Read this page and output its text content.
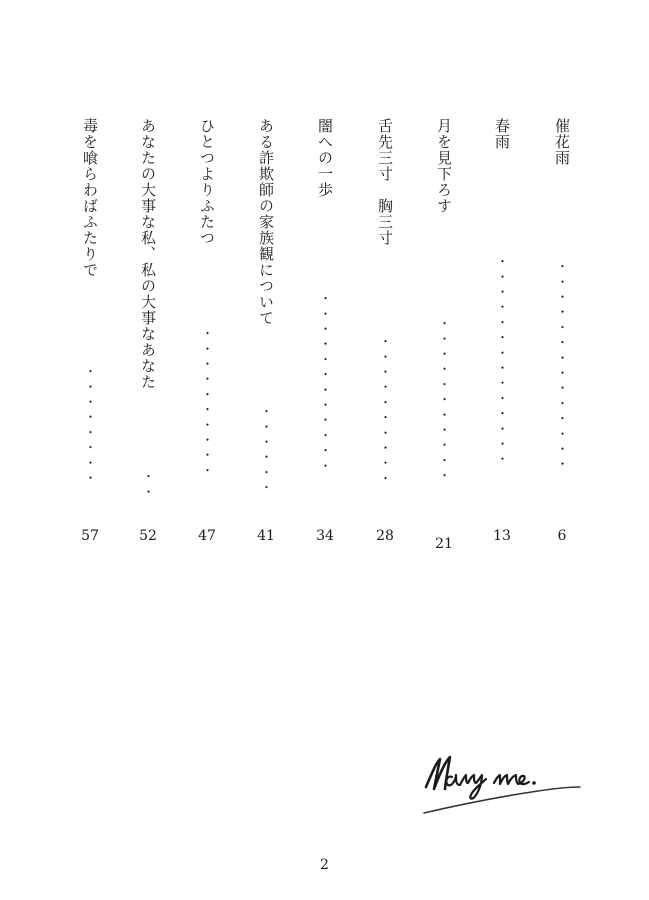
催花雨
・・・・・・・・・・・・・・
6
春雨
・・・・・・・・・・・・・・
13
月を見下ろす
・・・・・・・・・・・
21
舌先三寸　胸三寸
・・・・・・・・・・
28
闇への一歩
・・・・・・・・・・・・
34
ある詐欺師の家族観について
・・・・・・
41
ひとつよりふたつ
・・・・・・・・・・
47
あなたの大事な私、私の大事なあなた
・・
52
毒を喰らわばふたりで
・・・・・・・・
57
2
